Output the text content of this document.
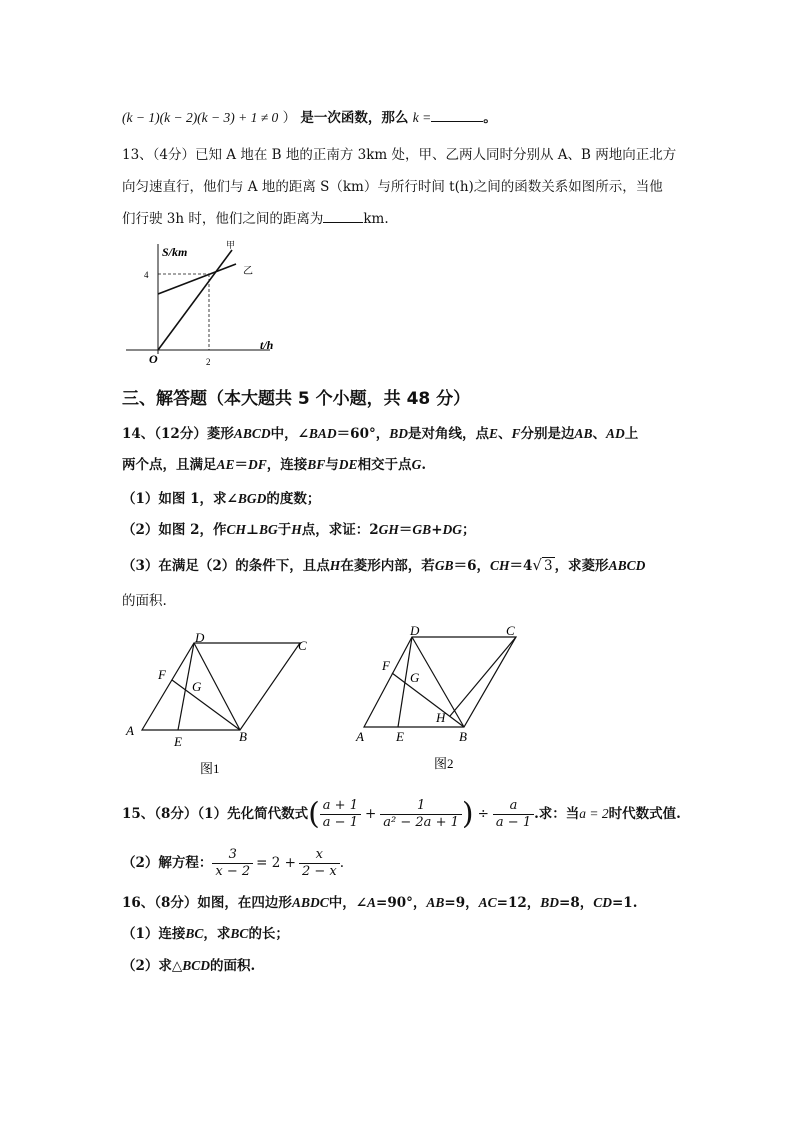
(k − 1)(k − 2)(k − 3) + 1 ≠ 0 ） 是一次函数，那么 k =	。
13、（4分）已知 A 地在 B 地的正南方 3km 处，甲、乙两人同时分别从 A、B 两地向正北方
向匀速直行，他们与 A 地的距离 S（km）与所行时间 t(h)之间的函数关系如图所示，当他
们行驶 3h 时，他们之间的距离为	km.
S/km
t/h
O
4
2
甲
乙
三、解答题（本大题共 5 个小题，共 48 分）
14、（12分）菱形ABCD中，∠BAD＝60°，BD是对角线，点E、F分别是边AB、AD上
两个点，且满足AE＝DF，连接BF与DE相交于点G.
（1）如图 1，求∠BGD的度数；
（2）如图 2，作CH⊥BG于H点，求证：2GH＝GB+DG；
（3）在满足（2）的条件下，且点H在菱形内部，若GB＝6，CH＝4√ 3 ，求菱形ABCD
的面积.
A
E	B
C
D
F
G
图1
A E	B
C
D
F
G
H
图2
15、（8分）（1）先化简代数式( $\frac{a + 1}{a - 1} + \frac{1}{\text{a² − 2a + 1}}$ ) ÷ $\frac{a}{a - 1}$ .求：当a = 2时代数式值.
（2）解方程： $\frac{3}{x - 2} = 2 + \frac{x}{2 - x}$ .
16、（8分）如图，在四边形ABDC中，∠A=90°，AB=9，AC=12，BD=8，CD=1.
（1）连接BC，求BC的长；
（2）求△BCD的面积.
